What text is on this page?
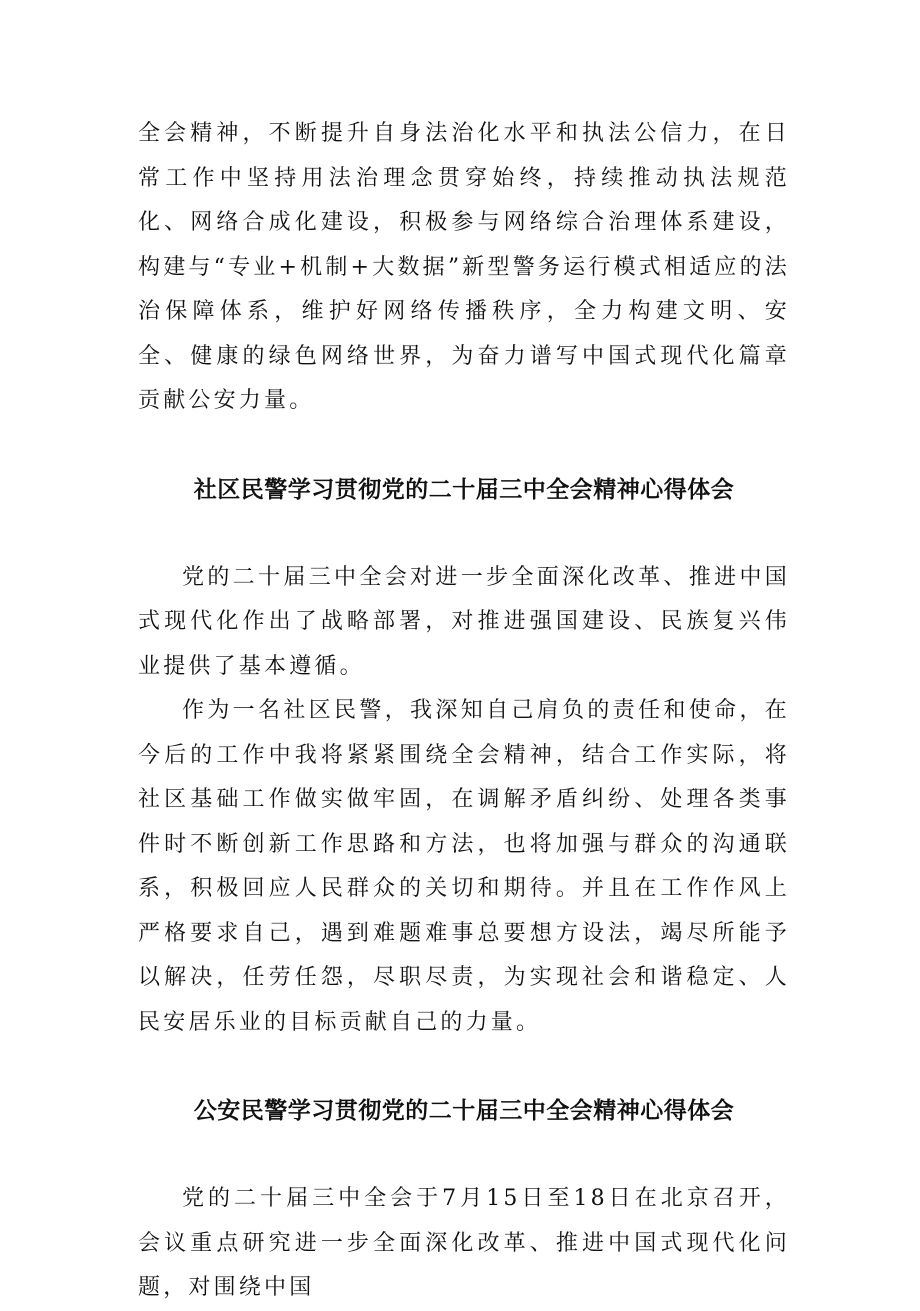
全会精神，不断提升自身法治化水平和执法公信力，在日常工作中坚持用法治理念贯穿始终，持续推动执法规范化、网络合成化建设，积极参与网络综合治理体系建设，构建与“专业+机制+大数据”新型警务运行模式相适应的法治保障体系，维护好网络传播秩序，全力构建文明、安全、健康的绿色网络世界，为奋力谱写中国式现代化篇章贡献公安力量。

社区民警学习贯彻党的二十届三中全会精神心得体会

党的二十届三中全会对进一步全面深化改革、推进中国式现代化作出了战略部署，对推进强国建设、民族复兴伟业提供了基本遵循。

作为一名社区民警，我深知自己肩负的责任和使命，在今后的工作中我将紧紧围绕全会精神，结合工作实际，将社区基础工作做实做牢固，在调解矛盾纠纷、处理各类事件时不断创新工作思路和方法，也将加强与群众的沟通联系，积极回应人民群众的关切和期待。并且在工作作风上严格要求自己，遇到难题难事总要想方设法，竭尽所能予以解决，任劳任怨，尽职尽责，为实现社会和谐稳定、人民安居乐业的目标贡献自己的力量。

公安民警学习贯彻党的二十届三中全会精神心得体会

党的二十届三中全会于7月15日至18日在北京召开，会议重点研究进一步全面深化改革、推进中国式现代化问题，对围绕中国
